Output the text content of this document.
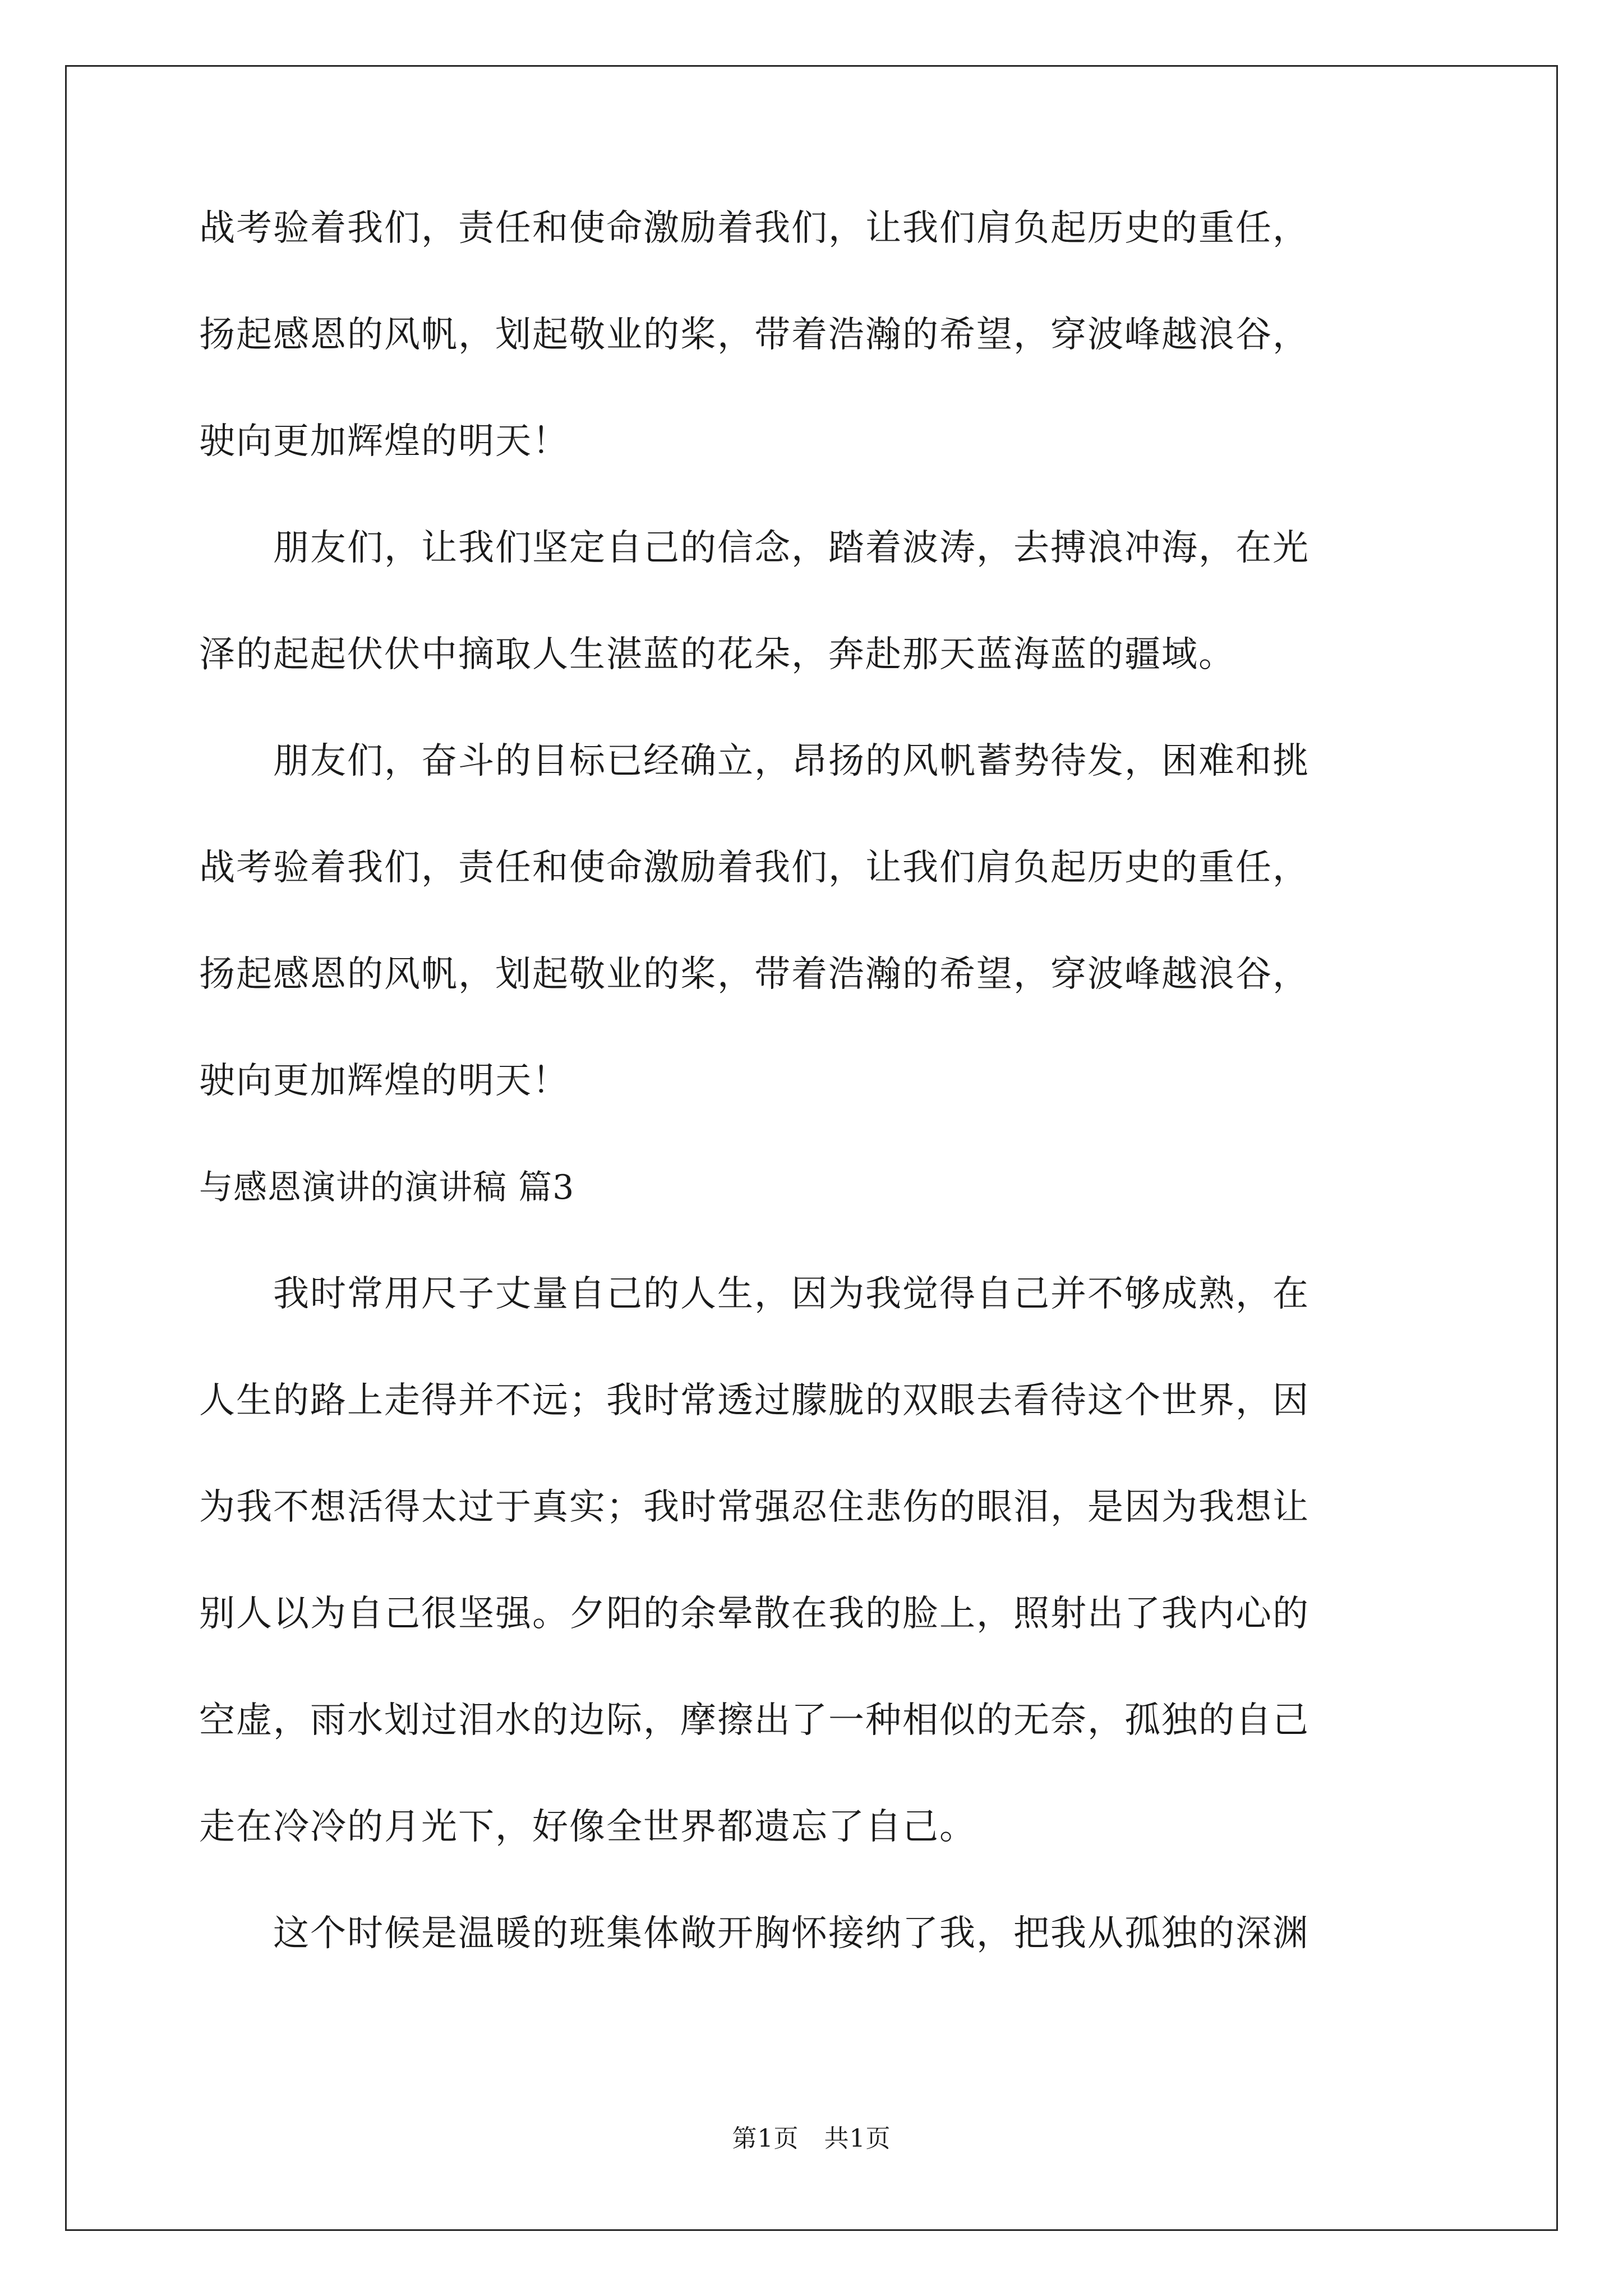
战考验着我们，责任和使命激励着我们，让我们肩负起历史的重任，

扬起感恩的风帆，划起敬业的桨，带着浩瀚的希望，穿波峰越浪谷，

驶向更加辉煌的明天！

　　朋友们，让我们坚定自己的信念，踏着波涛，去搏浪冲海，在光

泽的起起伏伏中摘取人生湛蓝的花朵，奔赴那天蓝海蓝的疆域。

　　朋友们，奋斗的目标已经确立，昂扬的风帆蓄势待发，困难和挑

战考验着我们，责任和使命激励着我们，让我们肩负起历史的重任，

扬起感恩的风帆，划起敬业的桨，带着浩瀚的希望，穿波峰越浪谷，

驶向更加辉煌的明天！

与感恩演讲的演讲稿 篇3

　　我时常用尺子丈量自己的人生，因为我觉得自己并不够成熟，在

人生的路上走得并不远；我时常透过朦胧的双眼去看待这个世界，因

为我不想活得太过于真实；我时常强忍住悲伤的眼泪，是因为我想让

别人以为自己很坚强。夕阳的余晕散在我的脸上，照射出了我内心的

空虚，雨水划过泪水的边际，摩擦出了一种相似的无奈，孤独的自己

走在冷冷的月光下，好像全世界都遗忘了自己。

　　这个时候是温暖的班集体敞开胸怀接纳了我，把我从孤独的深渊

第1页　共1页
